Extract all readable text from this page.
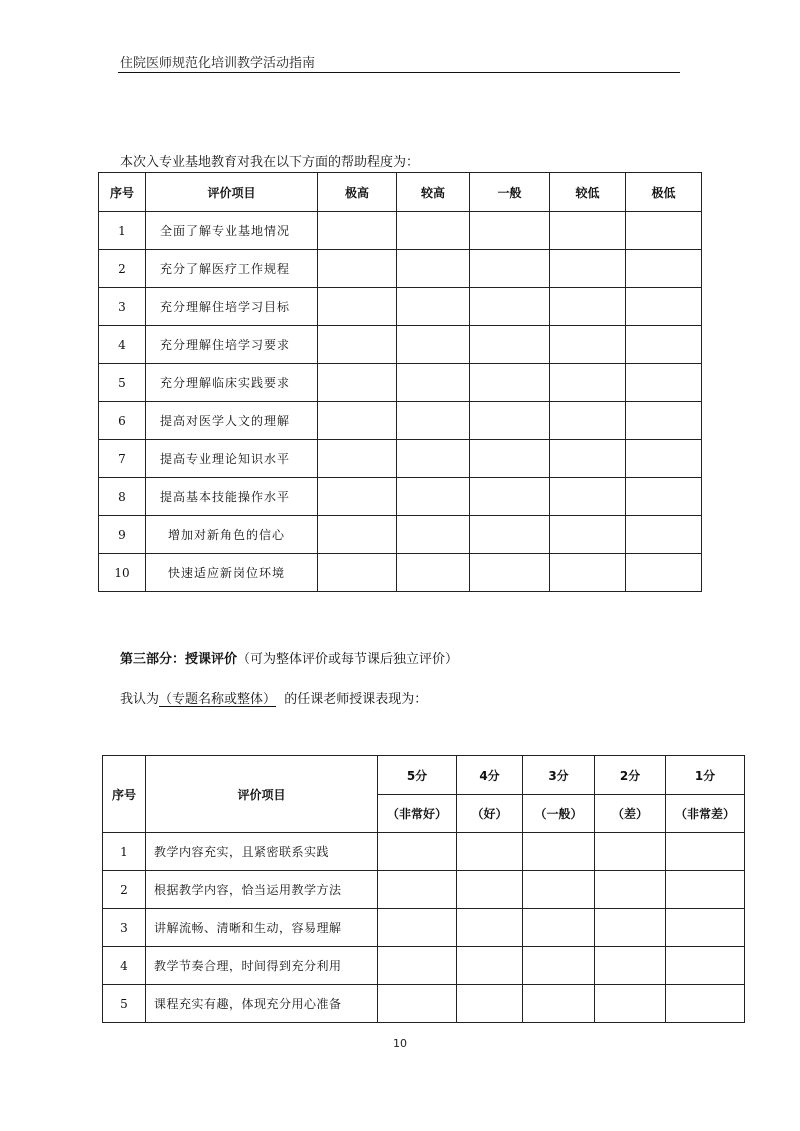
住院医师规范化培训教学活动指南
本次入专业基地教育对我在以下方面的帮助程度为：
序号	评价项目	极高	较高	一般	较低	极低
1	全面了解专业基地情况					
2	充分了解医疗工作规程					
3	充分理解住培学习目标					
4	充分理解住培学习要求					
5	充分理解临床实践要求					
6	提高对医学人文的理解					
7	提高专业理论知识水平					
8	提高基本技能操作水平					
9	增加对新角色的信心					
10	快速适应新岗位环境					
第三部分：授课评价（可为整体评价或每节课后独立评价）
我认为（专题名称或整体） 的任课老师授课表现为：
序号	评价项目	5分	4分	3分	2分	1分
		（非常好）	（好）	（一般）	（差）	（非常差）
1	教学内容充实，且紧密联系实践					
2	根据教学内容，恰当运用教学方法					
3	讲解流畅、清晰和生动，容易理解					
4	教学节奏合理，时间得到充分利用					
5	课程充实有趣，体现充分用心准备					
10
